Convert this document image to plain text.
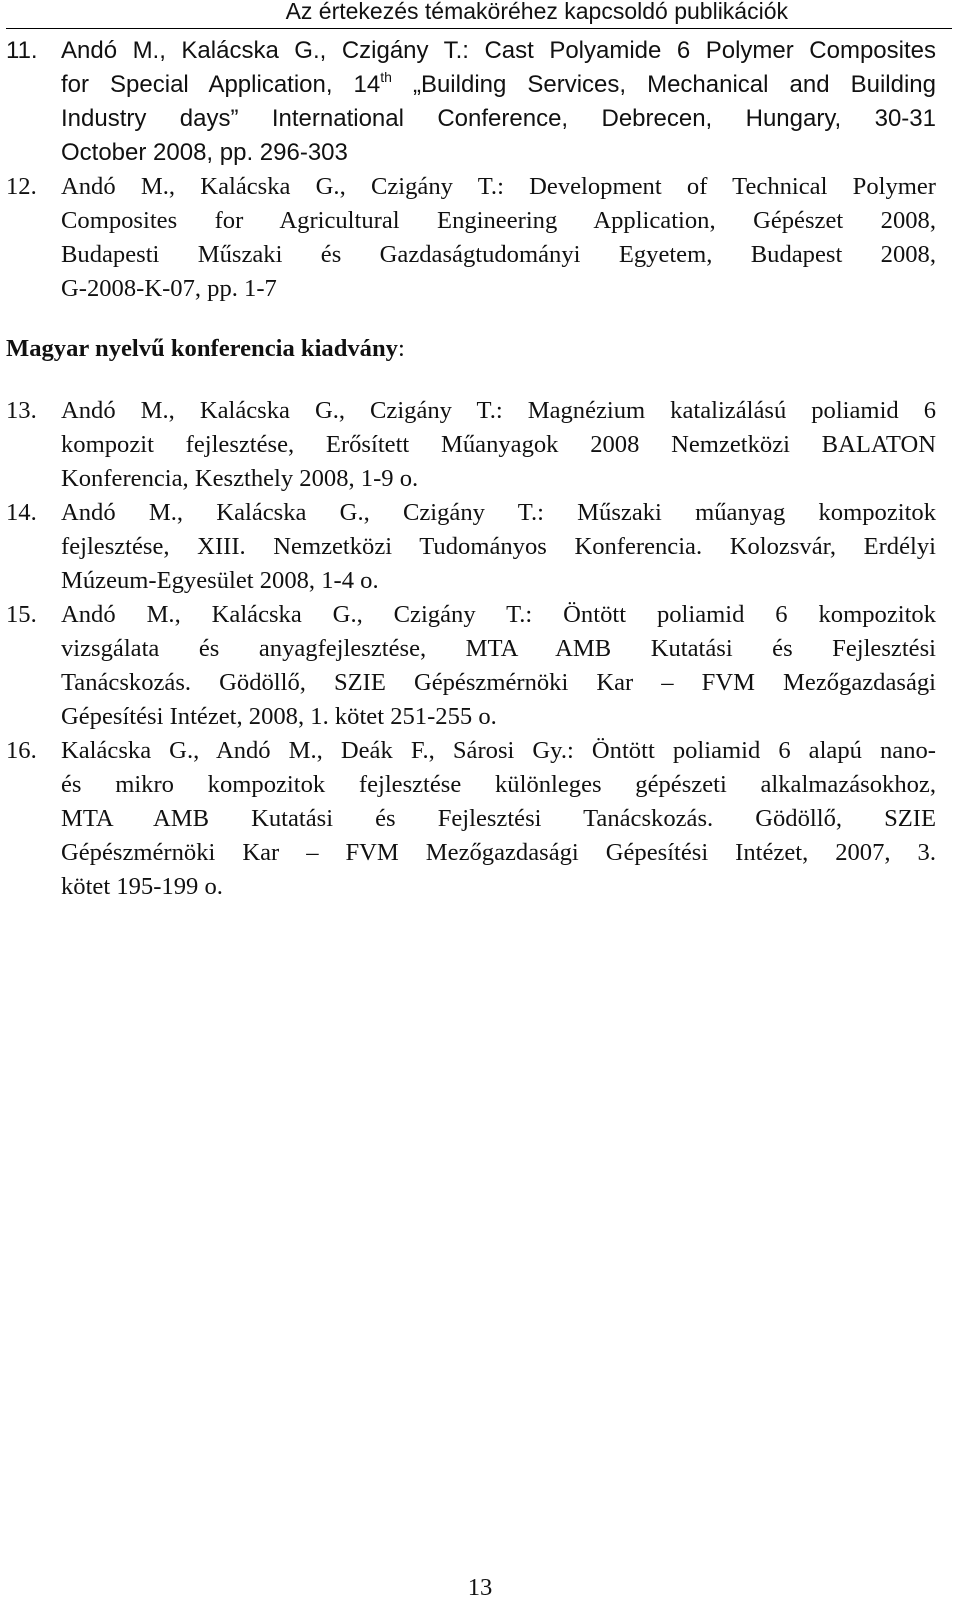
Az értekezés témaköréhez kapcsoldó publikációk
11. Andó M., Kalácska G., Czigány T.: Cast Polyamide 6 Polymer Composites
for Special Application, 14th „Building Services, Mechanical and Building
Industry days” International Conference, Debrecen, Hungary, 30-31
October 2008, pp. 296-303
12. Andó M., Kalácska G., Czigány T.: Development of Technical Polymer
Composites for Agricultural Engineering Application, Gépészet 2008,
Budapesti Műszaki és Gazdaságtudományi Egyetem, Budapest 2008,
G-2008-K-07, pp. 1-7
Magyar nyelvű konferencia kiadvány:
13. Andó M., Kalácska G., Czigány T.: Magnézium katalizálású poliamid 6
kompozit fejlesztése, Erősített Műanyagok 2008 Nemzetközi BALATON
Konferencia, Keszthely 2008, 1-9 o.
14. Andó M., Kalácska G., Czigány T.: Műszaki műanyag kompozitok
fejlesztése, XIII. Nemzetközi Tudományos Konferencia. Kolozsvár, Erdélyi
Múzeum-Egyesület 2008, 1-4 o.
15. Andó M., Kalácska G., Czigány T.: Öntött poliamid 6 kompozitok
vizsgálata és anyagfejlesztése, MTA AMB Kutatási és Fejlesztési
Tanácskozás. Gödöllő, SZIE Gépészmérnöki Kar – FVM Mezőgazdasági
Gépesítési Intézet, 2008, 1. kötet 251-255 o.
16. Kalácska G., Andó M., Deák F., Sárosi Gy.: Öntött poliamid 6 alapú nano-
és mikro kompozitok fejlesztése különleges gépészeti alkalmazásokhoz,
MTA AMB Kutatási és Fejlesztési Tanácskozás. Gödöllő, SZIE
Gépészmérnöki Kar – FVM Mezőgazdasági Gépesítési Intézet, 2007, 3.
kötet 195-199 o.
13
